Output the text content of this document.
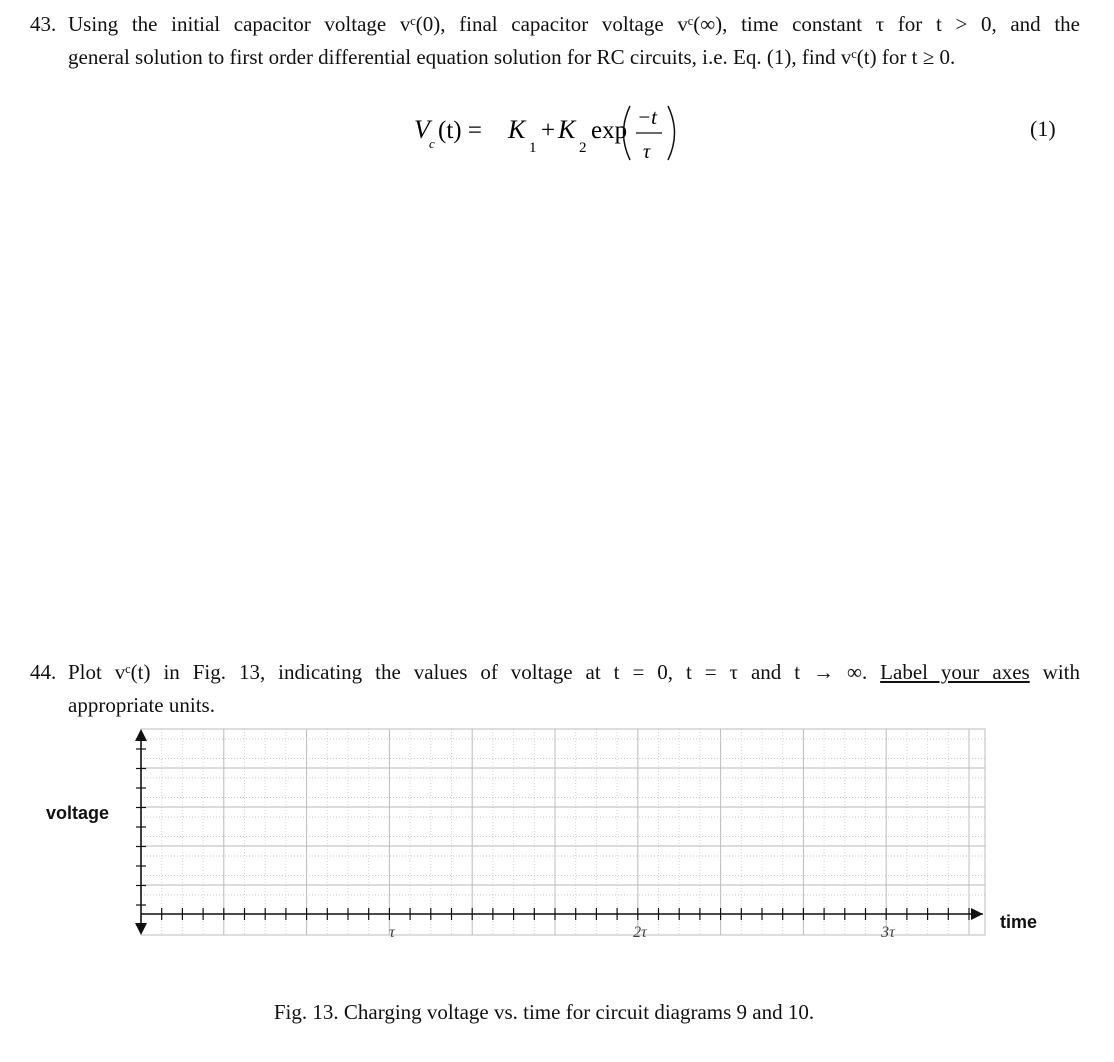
43. Using the initial capacitor voltage vᶜ(0), final capacitor voltage vᶜ(∞), time constant τ for t > 0, and the
general solution to first order differential equation solution for RC circuits, i.e. Eq. (1), find vᶜ(t) for t ≥ 0.
V c (t) = K
1
+ K
2
exp −t
τ
(1)
44. Plot vᶜ(t) in Fig. 13, indicating the values of voltage at t = 0, t = τ and t → ∞. Label your axes with
appropriate units.
τ	2τ	3τ
voltage
time
Fig. 13. Charging voltage vs. time for circuit diagrams 9 and 10.
